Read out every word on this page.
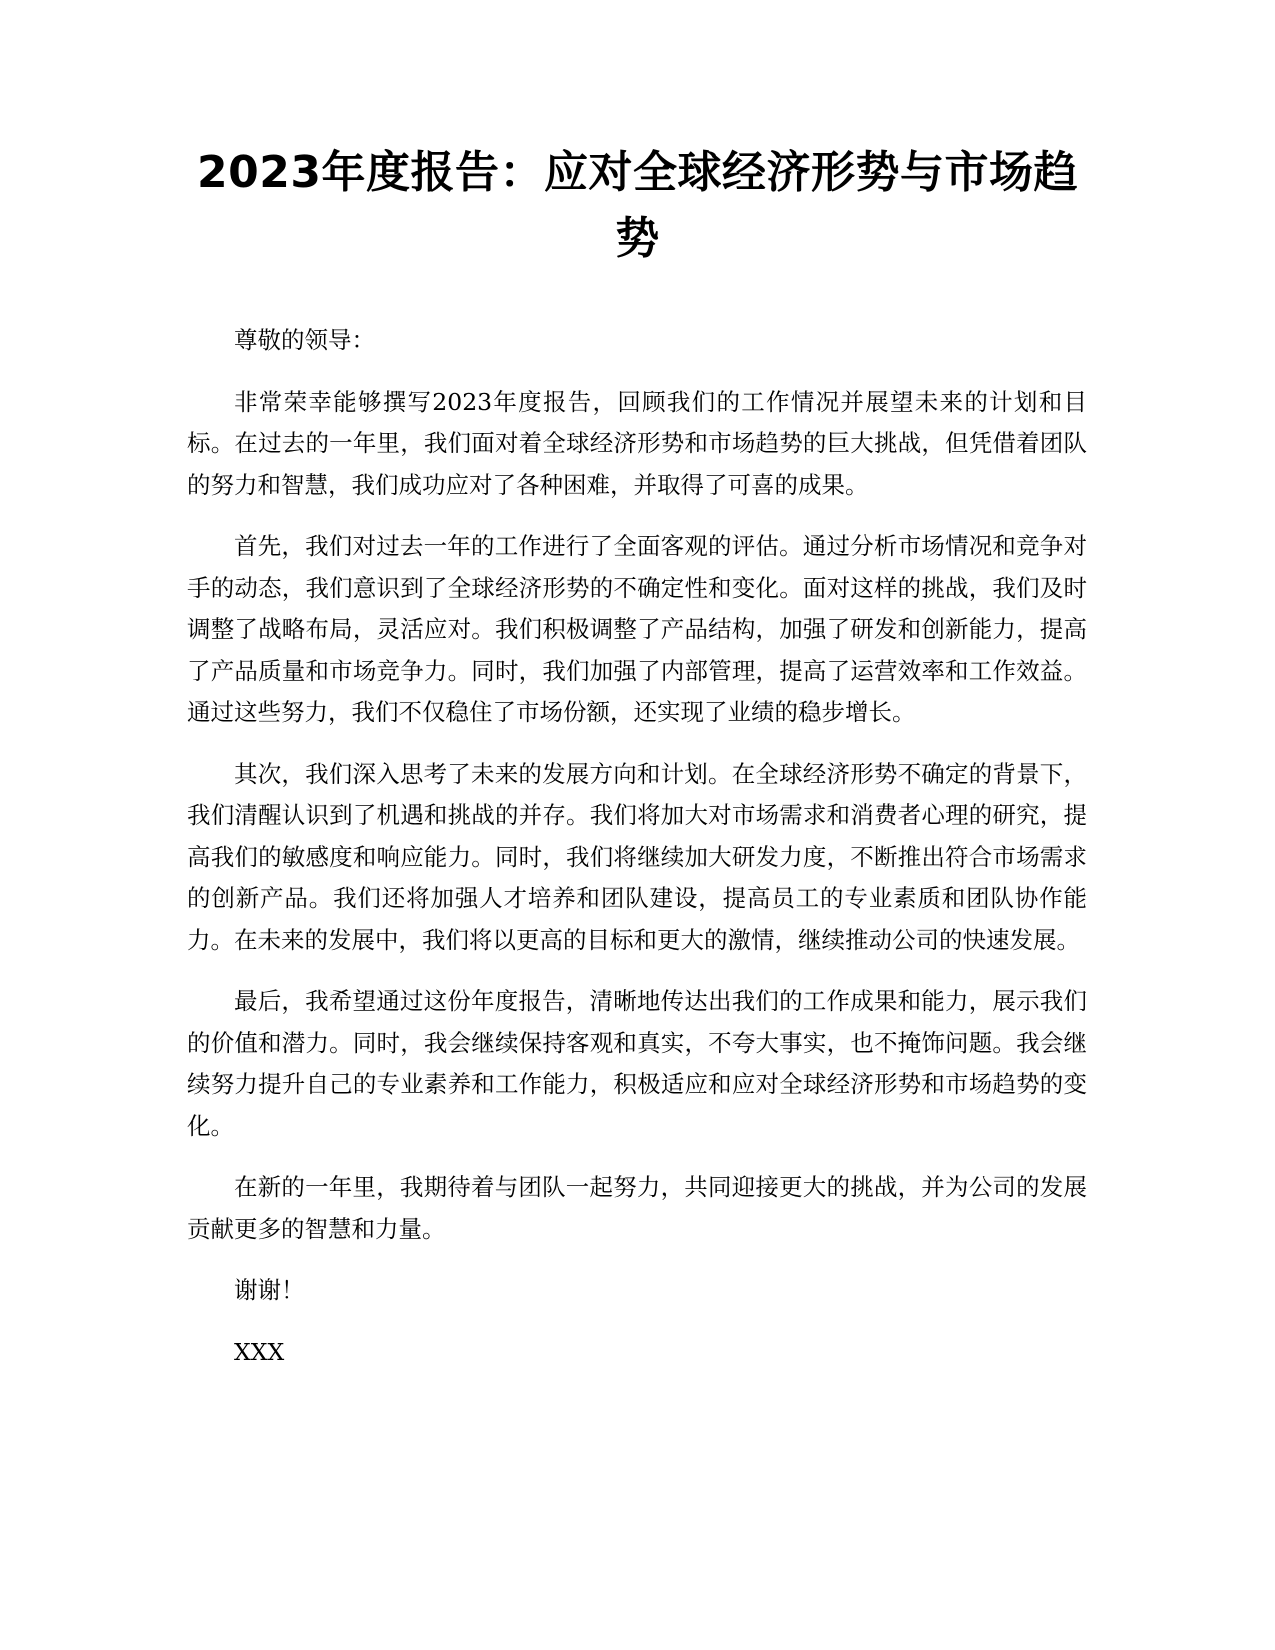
2023年度报告：应对全球经济形势与市场趋势

尊敬的领导：

非常荣幸能够撰写2023年度报告，回顾我们的工作情况并展望未来的计划和目标。在过去的一年里，我们面对着全球经济形势和市场趋势的巨大挑战，但凭借着团队的努力和智慧，我们成功应对了各种困难，并取得了可喜的成果。

首先，我们对过去一年的工作进行了全面客观的评估。通过分析市场情况和竞争对手的动态，我们意识到了全球经济形势的不确定性和变化。面对这样的挑战，我们及时调整了战略布局，灵活应对。我们积极调整了产品结构，加强了研发和创新能力，提高了产品质量和市场竞争力。同时，我们加强了内部管理，提高了运营效率和工作效益。通过这些努力，我们不仅稳住了市场份额，还实现了业绩的稳步增长。

其次，我们深入思考了未来的发展方向和计划。在全球经济形势不确定的背景下，我们清醒认识到了机遇和挑战的并存。我们将加大对市场需求和消费者心理的研究，提高我们的敏感度和响应能力。同时，我们将继续加大研发力度，不断推出符合市场需求的创新产品。我们还将加强人才培养和团队建设，提高员工的专业素质和团队协作能力。在未来的发展中，我们将以更高的目标和更大的激情，继续推动公司的快速发展。

最后，我希望通过这份年度报告，清晰地传达出我们的工作成果和能力，展示我们的价值和潜力。同时，我会继续保持客观和真实，不夸大事实，也不掩饰问题。我会继续努力提升自己的专业素养和工作能力，积极适应和应对全球经济形势和市场趋势的变化。

在新的一年里，我期待着与团队一起努力，共同迎接更大的挑战，并为公司的发展贡献更多的智慧和力量。

谢谢！

XXX
